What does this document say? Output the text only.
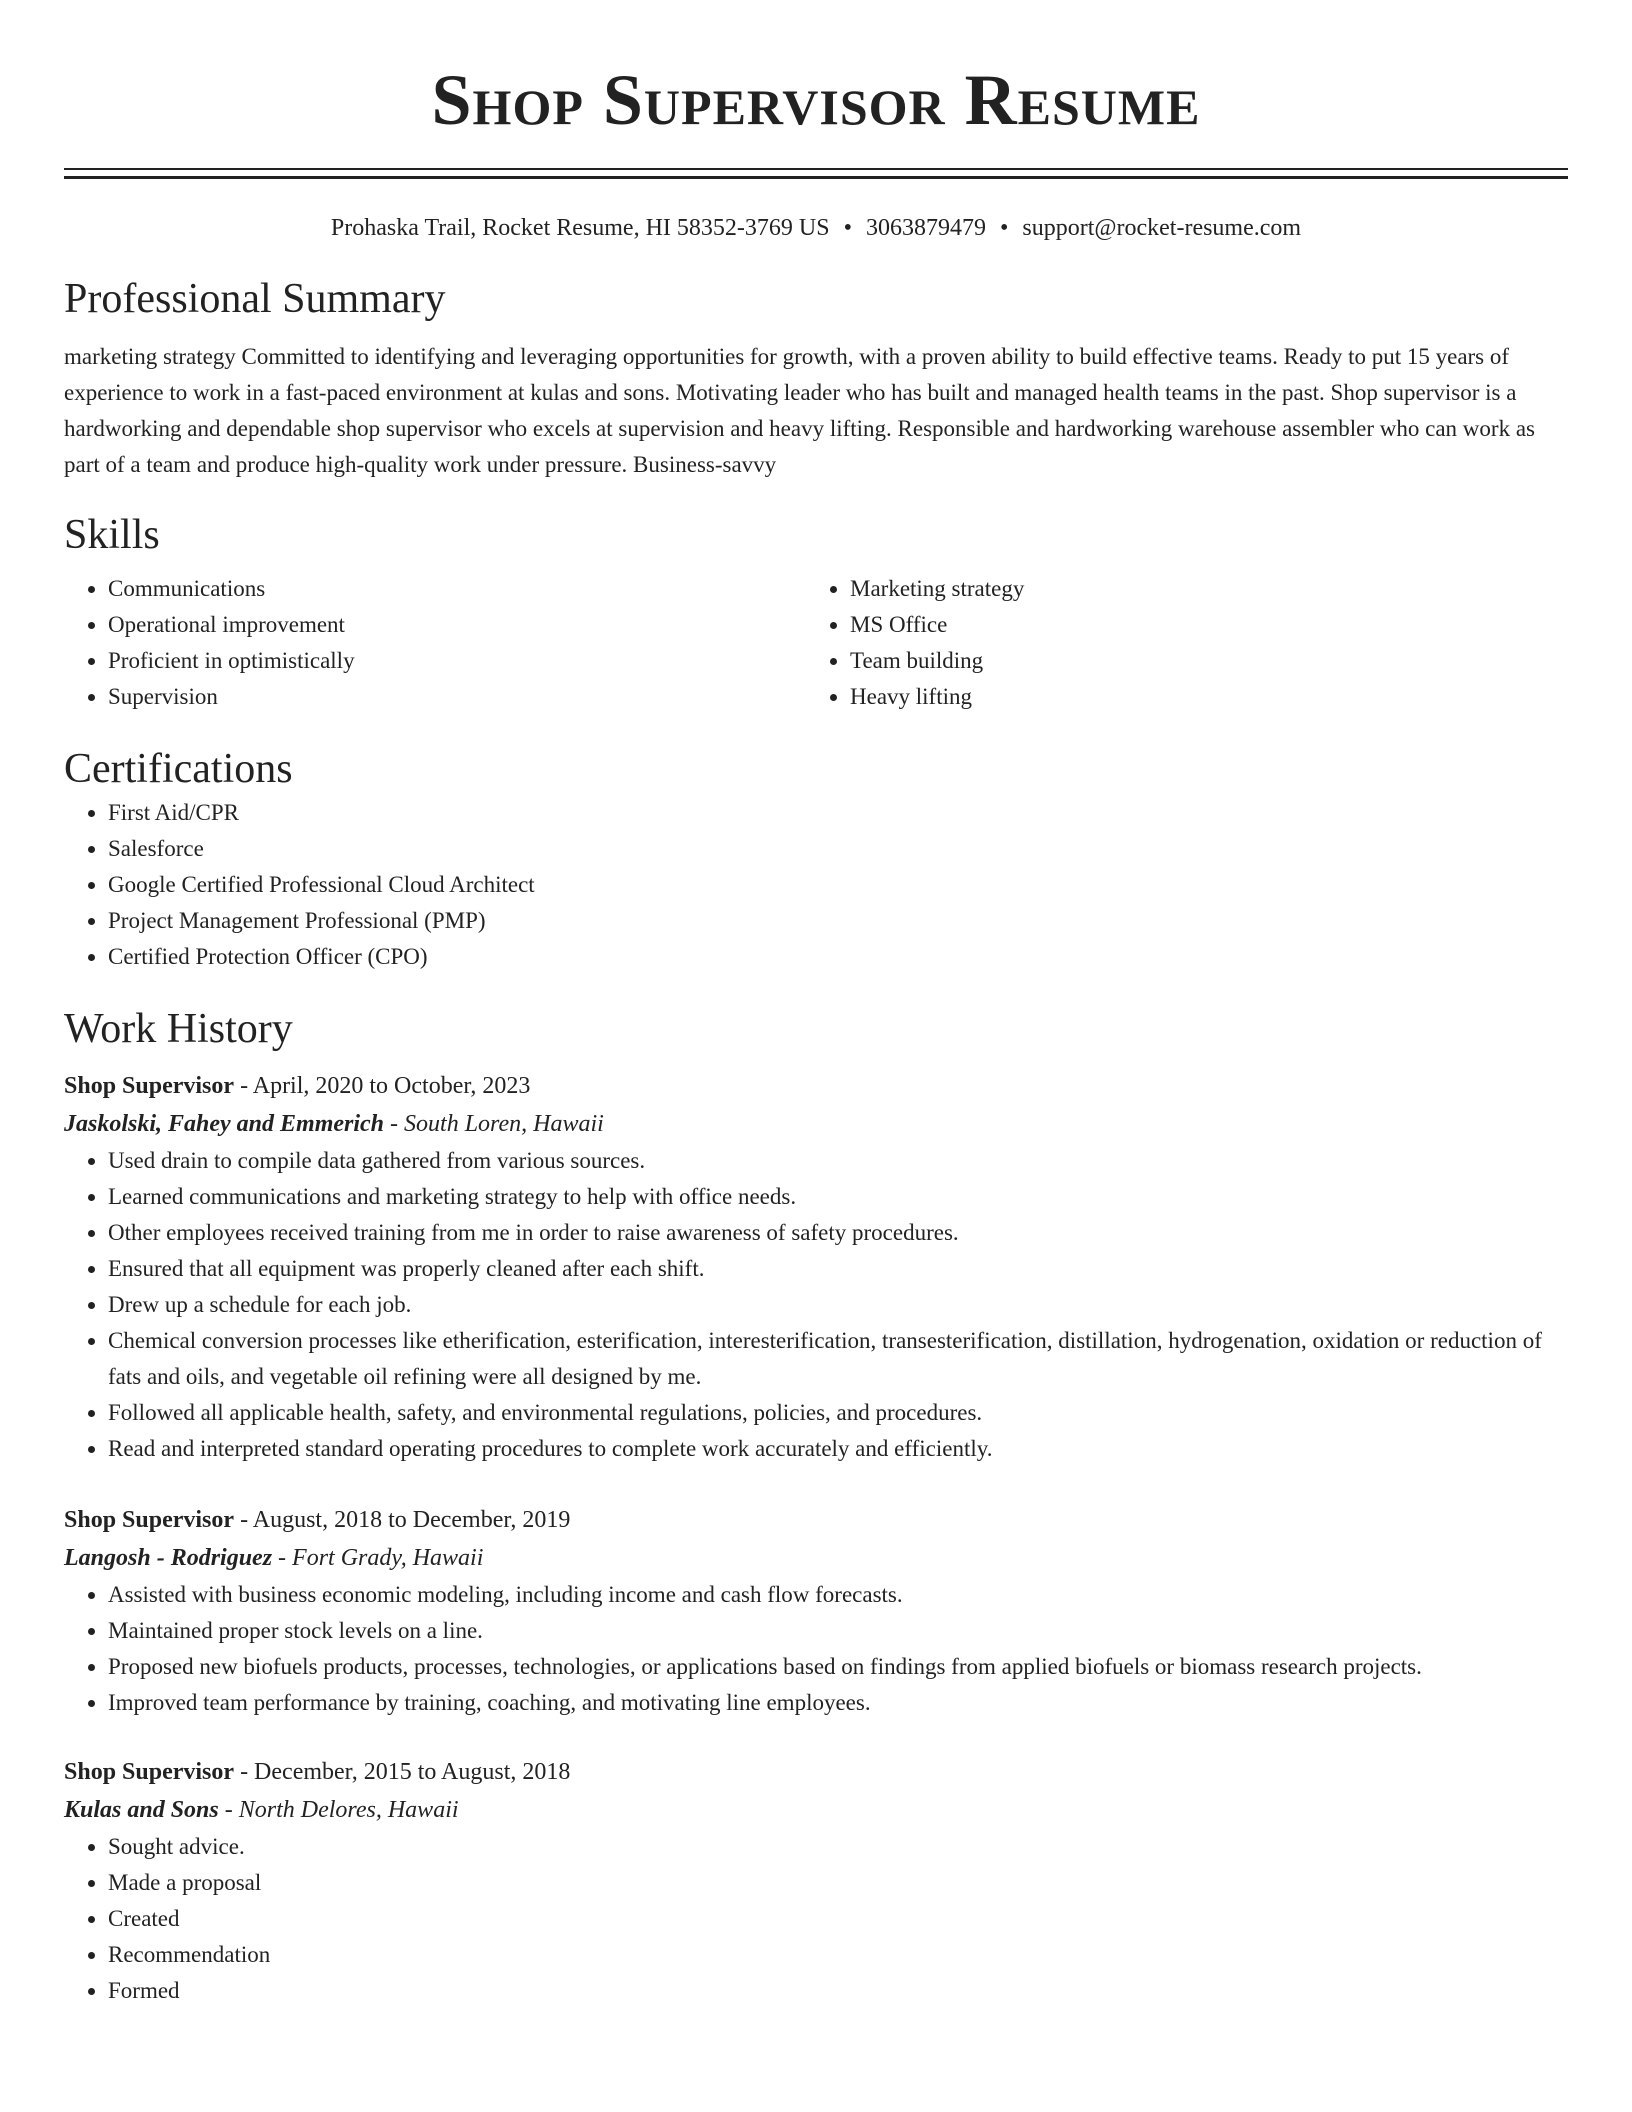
Shop Supervisor Resume
Prohaska Trail, Rocket Resume, HI 58352-3769 US • 3063879479 • support@rocket-resume.com
Professional Summary

marketing strategy Committed to identifying and leveraging opportunities for growth, with a proven ability to build effective teams. Ready to put 15 years of experience to work in a fast-paced environment at kulas and sons. Motivating leader who has built and managed health teams in the past. Shop supervisor is a hardworking and dependable shop supervisor who excels at supervision and heavy lifting. Responsible and hardworking warehouse assembler who can work as part of a team and produce high-quality work under pressure. Business-savvy

Skills
• Communications
• Operational improvement
• Proficient in optimistically
• Supervision
• Marketing strategy
• MS Office
• Team building
• Heavy lifting
Certifications
• First Aid/CPR
• Salesforce
• Google Certified Professional Cloud Architect
• Project Management Professional (PMP)
• Certified Protection Officer (CPO)
Work History
Shop Supervisor - April, 2020 to October, 2023
Jaskolski, Fahey and Emmerich - South Loren, Hawaii
• Used drain to compile data gathered from various sources.
• Learned communications and marketing strategy to help with office needs.
• Other employees received training from me in order to raise awareness of safety procedures.
• Ensured that all equipment was properly cleaned after each shift.
• Drew up a schedule for each job.
• Chemical conversion processes like etherification, esterification, interesterification, transesterification, distillation, hydrogenation, oxidation or reduction of fats and oils, and vegetable oil refining were all designed by me.
• Followed all applicable health, safety, and environmental regulations, policies, and procedures.
• Read and interpreted standard operating procedures to complete work accurately and efficiently.
Shop Supervisor - August, 2018 to December, 2019
Langosh - Rodriguez - Fort Grady, Hawaii
• Assisted with business economic modeling, including income and cash flow forecasts.
• Maintained proper stock levels on a line.
• Proposed new biofuels products, processes, technologies, or applications based on findings from applied biofuels or biomass research projects.
• Improved team performance by training, coaching, and motivating line employees.
Shop Supervisor - December, 2015 to August, 2018
Kulas and Sons - North Delores, Hawaii
• Sought advice.
• Made a proposal
• Created
• Recommendation
• Formed
